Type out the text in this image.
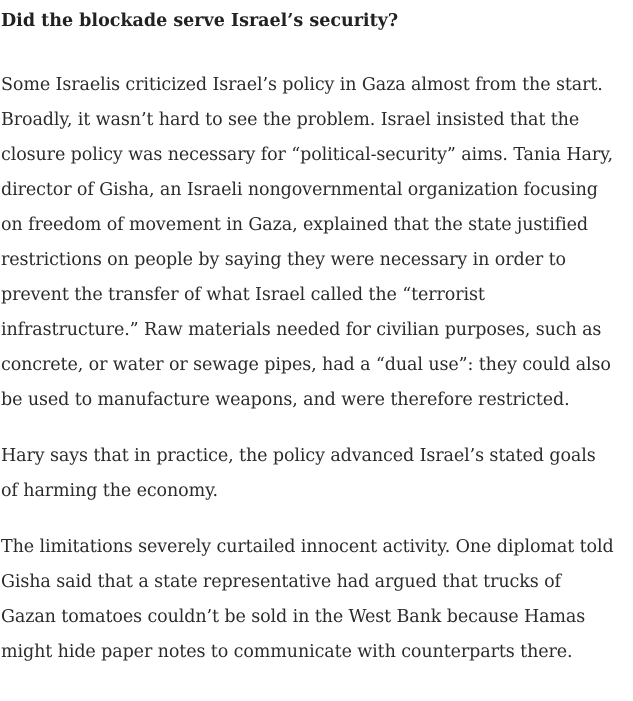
Did the blockade serve Israel’s security?

Some Israelis criticized Israel’s policy in Gaza almost from the start. Broadly, it wasn’t hard to see the problem. Israel insisted that the closure policy was necessary for “political-security” aims. Tania Hary, director of Gisha, an Israeli nongovernmental organization focusing on freedom of movement in Gaza, explained that the state justified restrictions on people by saying they were necessary in order to prevent the transfer of what Israel called the “terrorist infrastructure.” Raw materials needed for civilian purposes, such as concrete, or water or sewage pipes, had a “dual use”: they could also be used to manufacture weapons, and were therefore restricted.

Hary says that in practice, the policy advanced Israel’s stated goals of harming the economy.

The limitations severely curtailed innocent activity. One diplomat told Gisha said that a state representative had argued that trucks of Gazan tomatoes couldn’t be sold in the West Bank because Hamas might hide paper notes to communicate with counterparts there.
